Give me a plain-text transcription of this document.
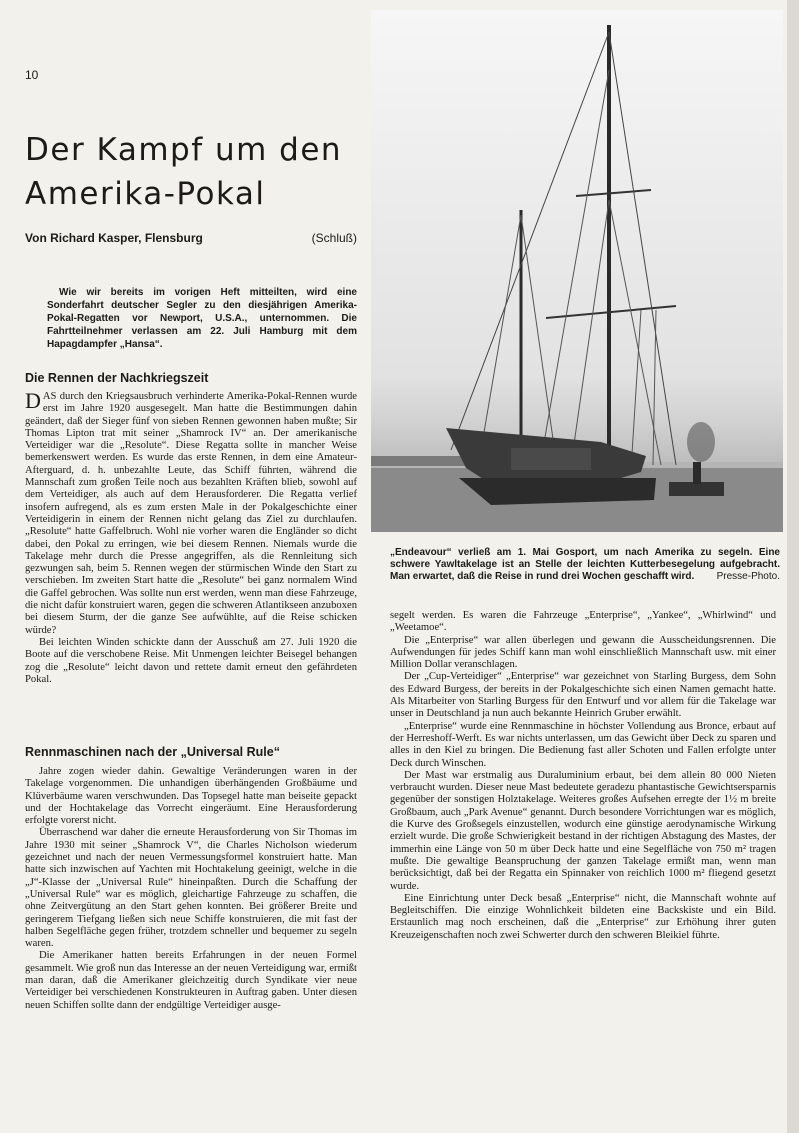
10
Der Kampf um den Amerika-Pokal
Von Richard Kasper, Flensburg	(Schluß)

Wie wir bereits im vorigen Heft mitteilten, wird eine Sonderfahrt deutscher Segler zu den diesjährigen Amerika-Pokal-Regatten vor Newport, U.S.A., unternommen. Die Fahrtteilnehmer verlassen am 22. Juli Hamburg mit dem Hapagdampfer „Hansa“.

Die Rennen der Nachkriegszeit

DAS durch den Kriegsausbruch verhinderte Amerika-Pokal-Rennen wurde erst im Jahre 1920 ausgesegelt. Man hatte die Bestimmungen dahin geändert, daß der Sieger fünf von sieben Rennen gewonnen haben mußte; Sir Thomas Lipton trat mit seiner „Shamrock IV“ an. Der amerikanische Verteidiger war die „Resolute“. Diese Regatta sollte in mancher Weise bemerkenswert werden. Es wurde das erste Rennen, in dem eine Amateur-Afterguard, d. h. unbezahlte Leute, das Schiff führten, während die Mannschaft zum großen Teile noch aus bezahlten Kräften blieb, sowohl auf dem Verteidiger, als auch auf dem Herausforderer. Die Regatta verlief insofern aufregend, als es zum ersten Male in der Pokalgeschichte einer Verteidigerin in einem der Rennen nicht gelang das Ziel zu durchlaufen. „Resolute“ hatte Gaffelbruch. Wohl nie vorher waren die Engländer so dicht dabei, den Pokal zu erringen, wie bei diesem Rennen. Niemals wurde die Takelage mehr durch die Presse angegriffen, als die Rennleitung sich gezwungen sah, beim 5. Rennen wegen der stürmischen Winde den Start zu verschieben. Im zweiten Start hatte die „Resolute“ bei ganz normalem Wind die Gaffel gebrochen. Was sollte nun erst werden, wenn man diese Fahrzeuge, die nicht dafür konstruiert waren, gegen die schweren Atlantikseen anzuboxen bei diesem Sturm, der die ganze See aufwühlte, auf die Reise schicken würde?

Bei leichten Winden schickte dann der Ausschuß am 27. Juli 1920 die Boote auf die verschobene Reise. Mit Unmengen leichter Beisegel behangen zog die „Resolute“ leicht davon und rettete damit erneut den gefährdeten Pokal.

Rennmaschinen nach der „Universal Rule“

Jahre zogen wieder dahin. Gewaltige Veränderungen waren in der Takelage vorgenommen. Die unhandigen überhängenden Großbäume und Klüverbäume waren verschwunden. Das Topsegel hatte man beiseite gepackt und der Hochtakelage das Vorrecht eingeräumt. Eine Herausforderung erfolgte vorerst nicht.

Überraschend war daher die erneute Herausforderung von Sir Thomas im Jahre 1930 mit seiner „Shamrock V“, die Charles Nicholson wiederum gezeichnet und nach der neuen Vermessungsformel konstruiert hatte. Man hatte sich inzwischen auf Yachten mit Hochtakelung geeinigt, welche in die „J“-Klasse der „Universal Rule“ hineinpaßten. Durch die Schaffung der „Universal Rule“ war es möglich, gleichartige Fahrzeuge zu schaffen, die ohne Zeitvergütung an den Start gehen konnten. Bei größerer Breite und geringerem Tiefgang ließen sich neue Schiffe konstruieren, die mit fast der halben Segelfläche gegen früher, trotzdem schneller und bequemer zu segeln waren.

Die Amerikaner hatten bereits Erfahrungen in der neuen Formel gesammelt. Wie groß nun das Interesse an der neuen Verteidigung war, ermißt man daran, daß die Amerikaner gleichzeitig durch Syndikate vier neue Verteidiger bei verschiedenen Konstrukteuren in Auftrag gaben. Unter diesen neuen Schiffen sollte dann der endgültige Verteidiger ausge-

„Endeavour“ verließ am 1. Mai Gosport, um nach Amerika zu segeln. Eine schwere Yawltakelage ist an Stelle der leichten Kutterbesegelung aufgebracht. Man erwartet, daß die Reise in rund drei Wochen geschafft wird. Presse-Photo.

segelt werden. Es waren die Fahrzeuge „Enterprise“, „Yankee“, „Whirlwind“ und „Weetamoe“.

Die „Enterprise“ war allen überlegen und gewann die Ausscheidungsrennen. Die Aufwendungen für jedes Schiff kann man wohl einschließlich Mannschaft usw. mit einer Million Dollar veranschlagen.

Der „Cup-Verteidiger“ „Enterprise“ war gezeichnet von Starling Burgess, dem Sohn des Edward Burgess, der bereits in der Pokalgeschichte sich einen Namen gemacht hatte. Als Mitarbeiter von Starling Burgess für den Entwurf und vor allem für die Takelage war unser in Deutschland ja nun auch bekannte Heinrich Gruber erwählt.

„Enterprise“ wurde eine Rennmaschine in höchster Vollendung aus Bronce, erbaut auf der Herreshoff-Werft. Es war nichts unterlassen, um das Gewicht über Deck zu sparen und alles in den Kiel zu bringen. Die Bedienung fast aller Schoten und Fallen erfolgte unter Deck durch Winschen.

Der Mast war erstmalig aus Duraluminium erbaut, bei dem allein 80 000 Nieten verbraucht wurden. Dieser neue Mast bedeutete geradezu phantastische Gewichtsersparnis gegenüber der sonstigen Holztakelage. Weiteres großes Aufsehen erregte der 1½ m breite Großbaum, auch „Park Avenue“ genannt. Durch besondere Vorrichtungen war es möglich, die Kurve des Großsegels einzustellen, wodurch eine günstige aerodynamische Wirkung erzielt wurde. Die große Schwierigkeit bestand in der richtigen Abstagung des Mastes, der immerhin eine Länge von 50 m über Deck hatte und eine Segelfläche von 750 m² tragen mußte. Die gewaltige Beanspruchung der ganzen Takelage ermißt man, wenn man berücksichtigt, daß bei der Regatta ein Spinnaker von reichlich 1000 m² fliegend gesetzt wurde.

Eine Einrichtung unter Deck besaß „Enterprise“ nicht, die Mannschaft wohnte auf Begleitschiffen. Die einzige Wohnlichkeit bildeten eine Backskiste und ein Bild. Erstaunlich mag noch erscheinen, daß die „Enterprise“ zur Erhöhung ihrer guten Kreuzeigenschaften noch zwei Schwerter durch den schweren Bleikiel führte.
